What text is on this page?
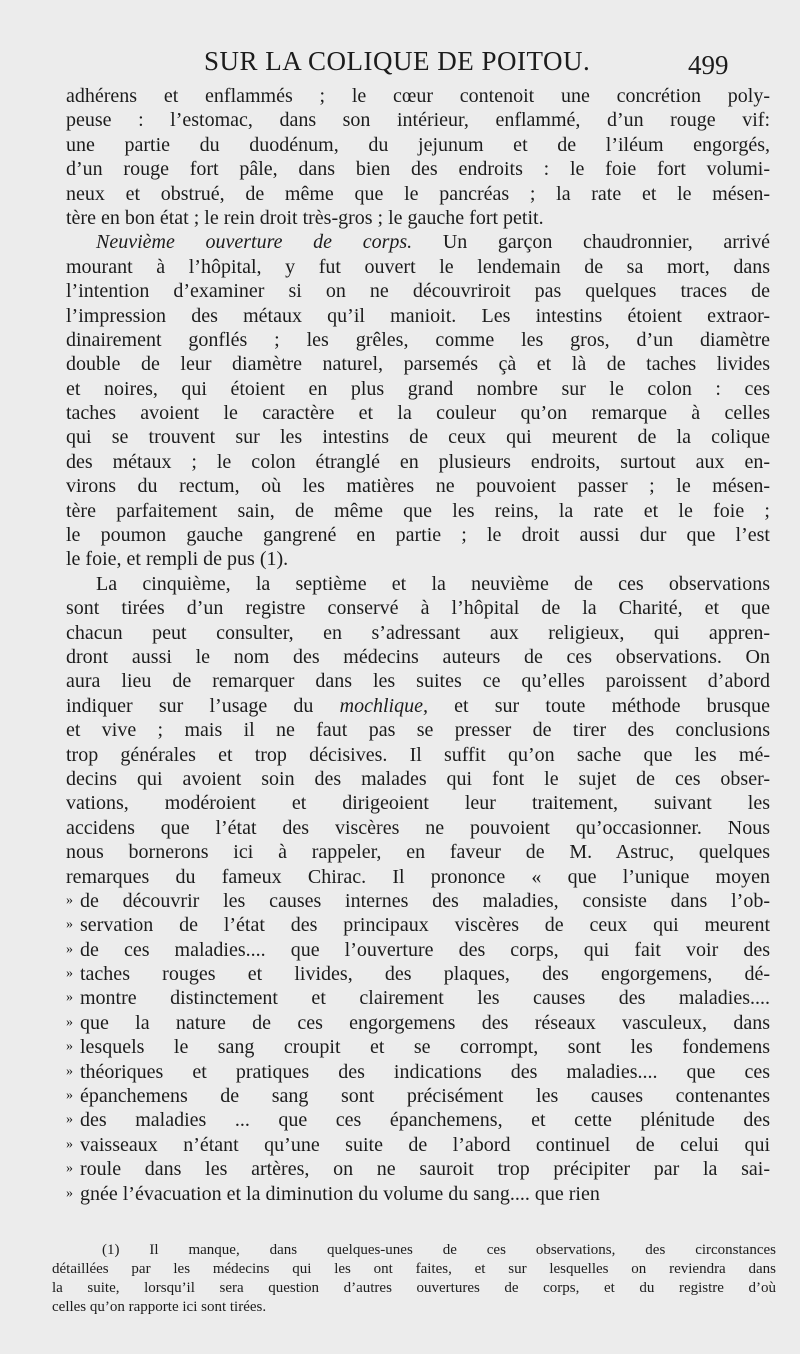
SUR LA COLIQUE DE POITOU.	499
adhérens et enflammés ; le cœur contenoit une concrétion poly-
peuse : l’estomac, dans son intérieur, enflammé, d’un rouge vif:
une partie du duodénum, du jejunum et de l’iléum engorgés,
d’un rouge fort pâle, dans bien des endroits : le foie fort volumi-
neux et obstrué, de même que le pancréas ; la rate et le mésen-
tère en bon état ; le rein droit très-gros ; le gauche fort petit.
Neuvième ouverture de corps. Un garçon chaudronnier, arrivé
mourant à l’hôpital, y fut ouvert le lendemain de sa mort, dans
l’intention d’examiner si on ne découvriroit pas quelques traces de
l’impression des métaux qu’il manioit. Les intestins étoient extraor-
dinairement gonflés ; les grêles, comme les gros, d’un diamètre
double de leur diamètre naturel, parsemés çà et là de taches livides
et noires, qui étoient en plus grand nombre sur le colon : ces
taches avoient le caractère et la couleur qu’on remarque à celles
qui se trouvent sur les intestins de ceux qui meurent de la colique
des métaux ; le colon étranglé en plusieurs endroits, surtout aux en-
virons du rectum, où les matières ne pouvoient passer ; le mésen-
tère parfaitement sain, de même que les reins, la rate et le foie ;
le poumon gauche gangrené en partie ; le droit aussi dur que l’est
le foie, et rempli de pus (1).
La cinquième, la septième et la neuvième de ces observations
sont tirées d’un registre conservé à l’hôpital de la Charité, et que
chacun peut consulter, en s’adressant aux religieux, qui appren-
dront aussi le nom des médecins auteurs de ces observations. On
aura lieu de remarquer dans les suites ce qu’elles paroissent d’abord
indiquer sur l’usage du mochlique, et sur toute méthode brusque
et vive ; mais il ne faut pas se presser de tirer des conclusions
trop générales et trop décisives. Il suffit qu’on sache que les mé-
decins qui avoient soin des malades qui font le sujet de ces obser-
vations, modéroient et dirigeoient leur traitement, suivant les
accidens que l’état des viscères ne pouvoient qu’occasionner. Nous
nous bornerons ici à rappeler, en faveur de M. Astruc, quelques
remarques du fameux Chirac. Il prononce « que l’unique moyen
» de découvrir les causes internes des maladies, consiste dans l’ob-
» servation de l’état des principaux viscères de ceux qui meurent
» de ces maladies.... que l’ouverture des corps, qui fait voir des
» taches rouges et livides, des plaques, des engorgemens, dé-
» montre distinctement et clairement les causes des maladies....
» que la nature de ces engorgemens des réseaux vasculeux, dans
» lesquels le sang croupit et se corrompt, sont les fondemens
» théoriques et pratiques des indications des maladies.... que ces
» épanchemens de sang sont précisément les causes contenantes
» des maladies ... que ces épanchemens, et cette plénitude des
» vaisseaux n’étant qu’une suite de l’abord continuel de celui qui
» roule dans les artères, on ne sauroit trop précipiter par la sai-
» gnée l’évacuation et la diminution du volume du sang.... que rien
(1) Il manque, dans quelques-unes de ces observations, des circonstances
détaillées par les médecins qui les ont faites, et sur lesquelles on reviendra dans
la suite, lorsqu’il sera question d’autres ouvertures de corps, et du registre d’où
celles qu’on rapporte ici sont tirées.
